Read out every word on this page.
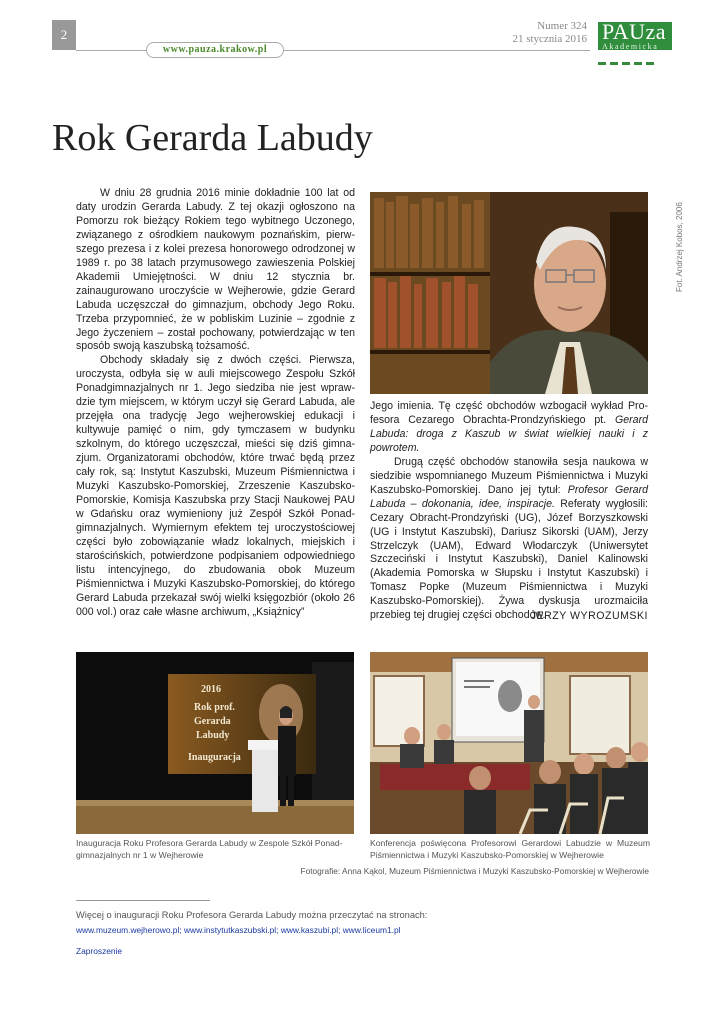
2
www.pauza.krakow.pl
Numer 324
21 stycznia 2016 PAUza
Akademicka
Rok Gerarda Labudy

W dniu 28 grudnia 2016 minie dokładnie 100 lat od daty urodzin Gerarda Labudy. Z tej okazji ogłoszono na Pomorzu rok bieżący Rokiem tego wybitnego Uczonego, związanego z ośrodkiem naukowym poznańskim, pierwszego prezesa i z kolei prezesa honorowego odrodzonej w 1989 r. po 38 latach przymusowego zawieszenia Polskiej Akademii Umiejętności. W dniu 12 stycznia br. zainaugurowano uroczyście w Wejherowie, gdzie Gerard Labuda uczęszczał do gimnazjum, obchody Jego Roku. Trzeba przypomnieć, że w pobliskim Luzinie – zgodnie z Jego życzeniem – został pochowany, potwierdzając w ten sposób swoją kaszubską tożsamość.

Obchody składały się z dwóch części. Pierwsza, uroczysta, odbyła się w auli miejscowego Zespołu Szkół Ponadgimnazjalnych nr 1. Jego siedziba nie jest wprawdzie tym miejscem, w którym uczył się Gerard Labuda, ale przejęła ona tradycję Jego wejherowskiej edukacji i kultywuje pamięć o nim, gdy tymczasem w budynku szkolnym, do którego uczęszczał, mieści się dziś gimnazjum. Organizatorami obchodów, które trwać będą przez cały rok, są: Instytut Kaszubski, Muzeum Piśmiennictwa i Muzyki Kaszubsko-Pomorskiej, Zrzeszenie Kaszubsko-Pomorskie, Komisja Kaszubska przy Stacji Naukowej PAU w Gdańsku oraz wymieniony już Zespół Szkół Ponadgimnazjalnych. Wymiernym efektem tej uroczystościowej części było zobowiązanie władz lokalnych, miejskich i starościńskich, potwierdzone podpisaniem odpowiedniego listu intencyjnego, do zbudowania obok Muzeum Piśmiennictwa i Muzyki Kaszubsko-Pomorskiej, do którego Gerard Labuda przekazał swój wielki księgozbiór (około 26 000 vol.) oraz całe własne archiwum, „Książnicy”

Fot. Andrzej Kobos, 2006

Jego imienia. Tę część obchodów wzbogacił wykład Profesora Cezarego Obrachta-Prondzyńskiego pt. Gerard Labuda: droga z Kaszub w świat wielkiej nauki i z powrotem.

Drugą część obchodów stanowiła sesja naukowa w siedzibie wspomnianego Muzeum Piśmiennictwa i Muzyki Kaszubsko-Pomorskiej. Dano jej tytuł: Profesor Gerard Labuda – dokonania, idee, inspiracje. Referaty wygłosili: Cezary Obracht-Prondzyński (UG), Józef Borzyszkowski (UG i Instytut Kaszubski), Dariusz Sikorski (UAM), Jerzy Strzelczyk (UAM), Edward Włodarczyk (Uniwersytet Szczeciński i Instytut Kaszubski), Daniel Kalinowski (Akademia Pomorska w Słupsku i Instytut Kaszubski) i Tomasz Popke (Muzeum Piśmiennictwa i Muzyki Kaszubsko-Pomorskiej). Żywa dyskusja urozmaiciła przebieg tej drugiej części obchodów.

JERZY WYROZUMSKI
2016
Rok prof.
Gerarda
Labudy
Inauguracja
Inauguracja Roku Profesora Gerarda Labudy w Zespole Szkół Ponadgimnazjalnych nr 1 w Wejherowie
Konferencja poświęcona Profesorowi Gerardowi Labudzie w Muzeum Piśmiennictwa i Muzyki Kaszubsko-Pomorskiej w Wejherowie
Fotografie: Anna Kąkol, Muzeum Piśmiennictwa i Muzyki Kaszubsko-Pomorskiej w Wejherowie
Więcej o inauguracji Roku Profesora Gerarda Labudy można przeczytać na stronach:
www.muzeum.wejherowo.pl; www.instytutkaszubski.pl; www.kaszubi.pl; www.liceum1.pl
Zaproszenie
